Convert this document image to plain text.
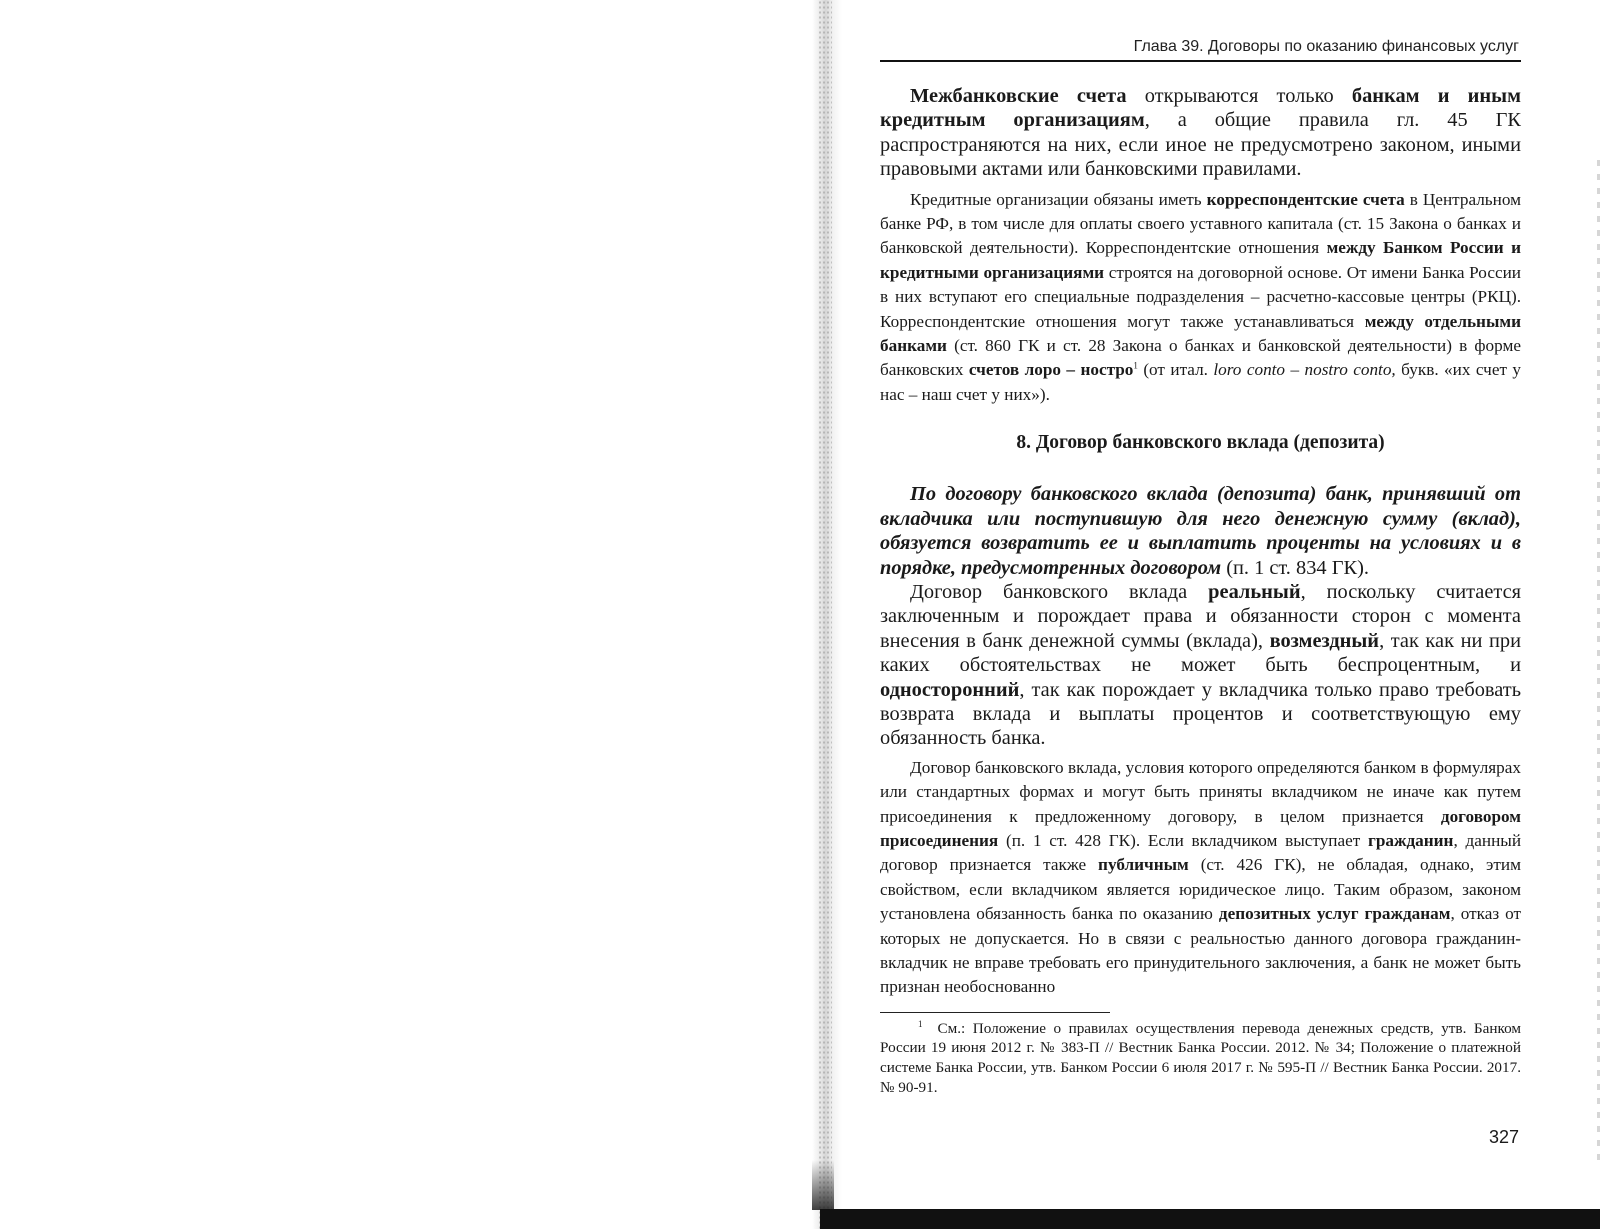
Глава 39. Договоры по оказанию финансовых услуг

Межбанковские счета открываются только банкам и иным кредитным организациям, а общие правила гл. 45 ГК распространяются на них, если иное не предусмотрено законом, иными правовыми актами или банковскими правилами.

Кредитные организации обязаны иметь корреспондентские счета в Центральном банке РФ, в том числе для оплаты своего уставного капитала (ст. 15 Закона о банках и банковской деятельности). Корреспондентские отношения между Банком России и кредитными организациями строятся на договорной основе. От имени Банка России в них вступают его специальные подразделения – расчетно-кассовые центры (РКЦ). Корреспондентские отношения могут также устанавливаться между отдельными банками (ст. 860 ГК и ст. 28 Закона о банках и банковской деятельности) в форме банковских счетов лоро – ностро$^1$ (от итал. loro conto – nostro conto, букв. «их счет у нас – наш счет у них»).

8. Договор банковского вклада (депозита)

По договору банковского вклада (депозита) банк, принявший от вкладчика или поступившую для него денежную сумму (вклад), обязуется возвратить ее и выплатить проценты на условиях и в порядке, предусмотренных договором (п. 1 ст. 834 ГК).

Договор банковского вклада реальный, поскольку считается заключенным и порождает права и обязанности сторон с момента внесения в банк денежной суммы (вклада), возмездный, так как ни при каких обстоятельствах не может быть беспроцентным, и односторонний, так как порождает у вкладчика только право требовать возврата вклада и выплаты процентов и соответствующую ему обязанность банка.

Договор банковского вклада, условия которого определяются банком в формулярах или стандартных формах и могут быть приняты вкладчиком не иначе как путем присоединения к предложенному договору, в целом признается договором присоединения (п. 1 ст. 428 ГК). Если вкладчиком выступает гражданин, данный договор признается также публичным (ст. 426 ГК), не обладая, однако, этим свойством, если вкладчиком является юридическое лицо. Таким образом, законом установлена обязанность банка по оказанию депозитных услуг гражданам, отказ от которых не допускается. Но в связи с реальностью данного договора гражданин-вкладчик не вправе требовать его принудительного заключения, а банк не может быть признан необоснованно

$^1$ См.: Положение о правилах осуществления перевода денежных средств, утв. Банком России 19 июня 2012 г. № 383-П // Вестник Банка России. 2012. № 34; Положение о платежной системе Банка России, утв. Банком России 6 июля 2017 г. № 595-П // Вестник Банка России. 2017. № 90-91.

327
